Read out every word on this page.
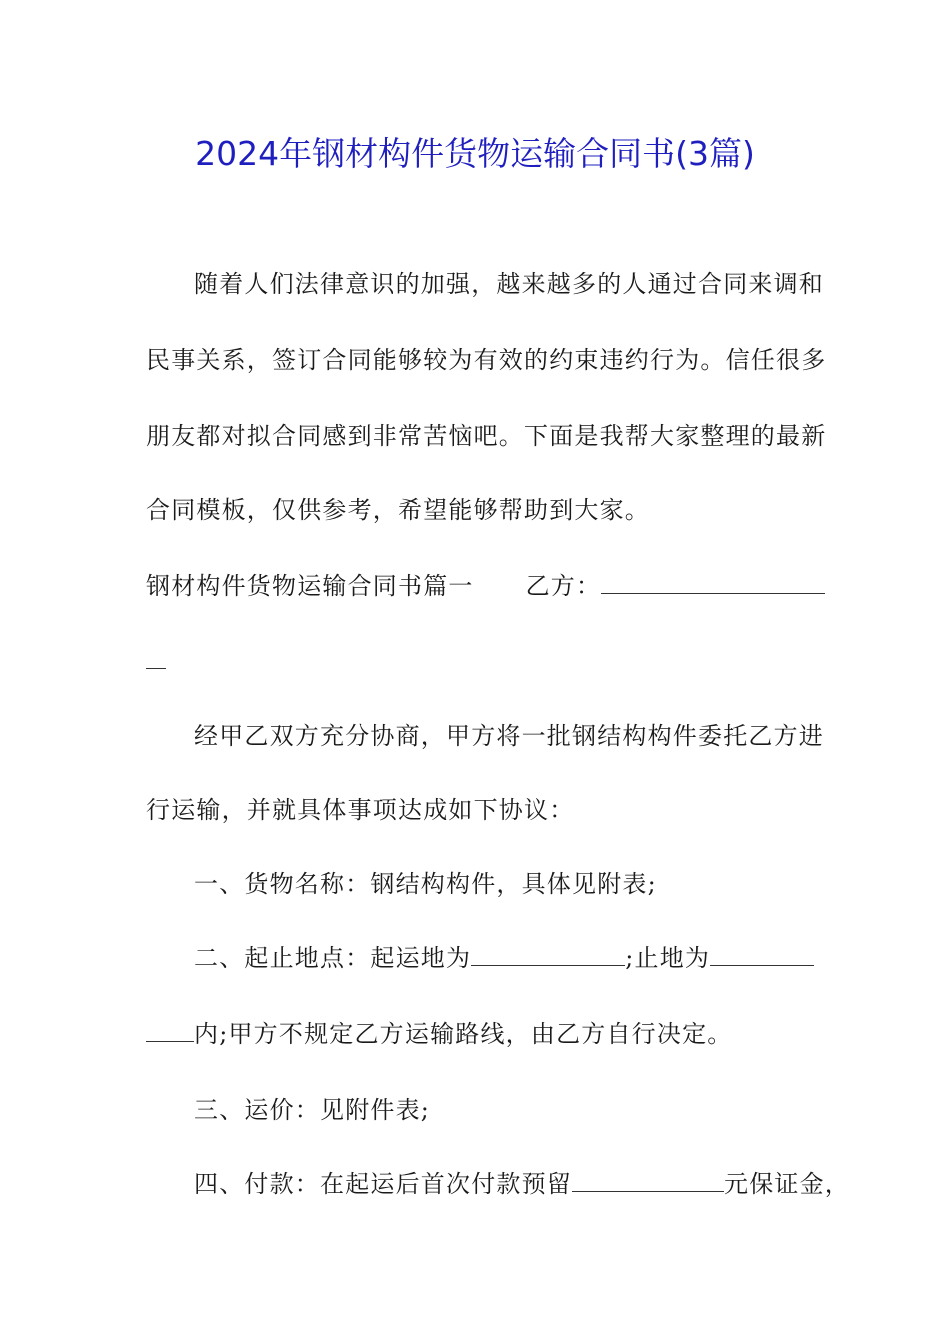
2024年钢材构件货物运输合同书(3篇)
随着人们法律意识的加强，越来越多的人通过合同来调和
民事关系，签订合同能够较为有效的约束违约行为。信任很多
朋友都对拟合同感到非常苦恼吧。下面是我帮大家整理的最新
合同模板，仅供参考，希望能够帮助到大家。
钢材构件货物运输合同书篇一 乙方：
经甲乙双方充分协商，甲方将一批钢结构构件委托乙方进
行运输，并就具体事项达成如下协议：
一、货物名称：钢结构构件，具体见附表;
二、起止地点：起运地为	;止地为
内;甲方不规定乙方运输路线，由乙方自行决定。
三、运价：见附件表;
四、付款：在起运后首次付款预留	元保证金，
